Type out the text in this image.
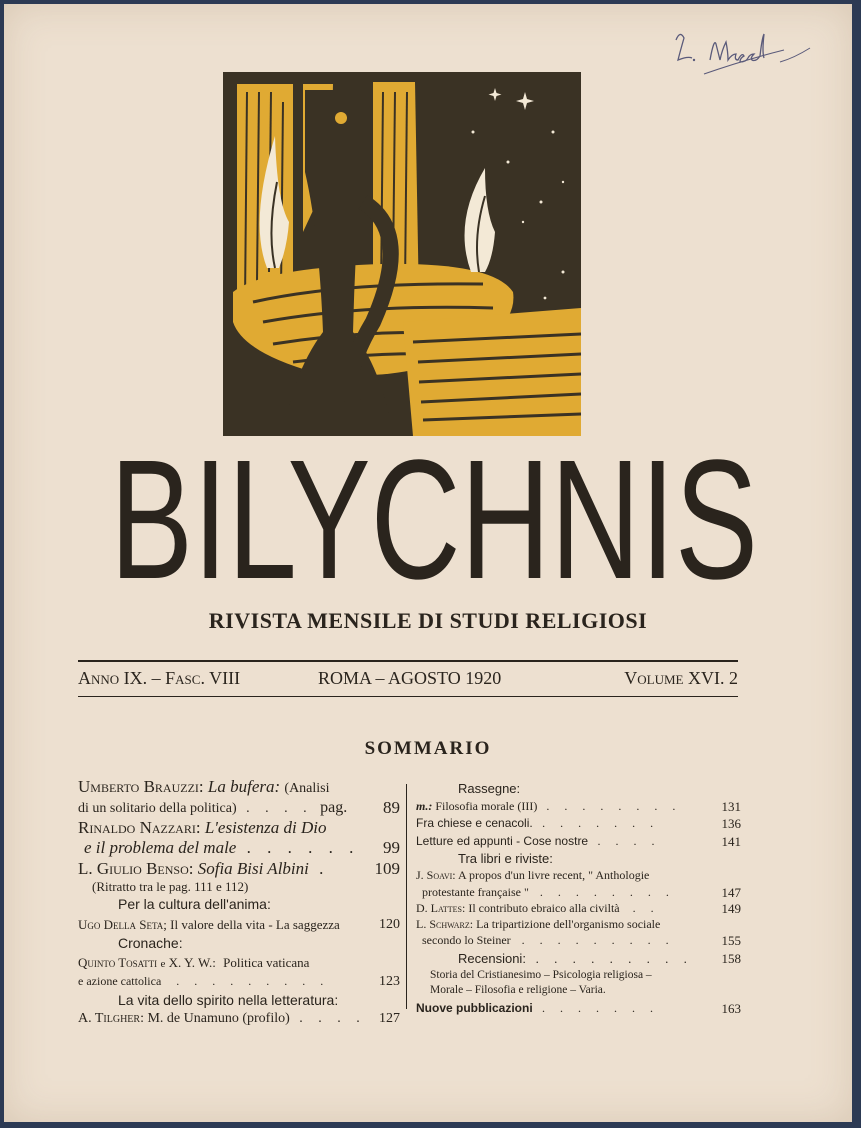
BILYCHNIS
RIVISTA MENSILE DI STUDI RELIGIOSI
Anno IX. – Fasc. VIII	ROMA – AGOSTO 1920	Volume XVI. 2
SOMMARIO
Umberto Brauzzi: La bufera: (Analisi
di un solitario della politica) . . . . pag. 89
Rinaldo Nazzari: L'esistenza di Dio
e il problema del male . . . . . . 99
L. Giulio Benso: Sofia Bisi Albini .	109
(Ritratto tra le pag. 111 e 112)
Per la cultura dell'anima:
Ugo Della Seta; Il valore della vita - La saggezza	120
Cronache:
Quinto Tosatti e X. Y. W.: Politica vaticana
e azione cattolica . . . . . . . . .	123
La vita dello spirito nella letteratura:
A. Tilgher: M. de Unamuno (profilo) . . . . 127
Rassegne:
m.: Filosofia morale (III) . . . . . . . .	131
Fra chiese e cenacoli. . . . . . . .	136
Letture ed appunti - Cose nostre . . . .	141
Tra libri e riviste:
J. Soavi: A propos d'un livre recent, " Anthologie
protestante française " . . . . . . . .	147
D. Lattes: Il contributo ebraico alla civiltà . .	149
L. Schwarz: La tripartizione dell'organismo sociale
secondo lo Steiner . . . . . . . . .	155
Recensioni: . . . . . . . . . 158
Storia del Cristianesimo – Psicologia religiosa –
Morale – Filosofia e religione – Varia.
Nuove pubblicazioni . . . . . . .	163
